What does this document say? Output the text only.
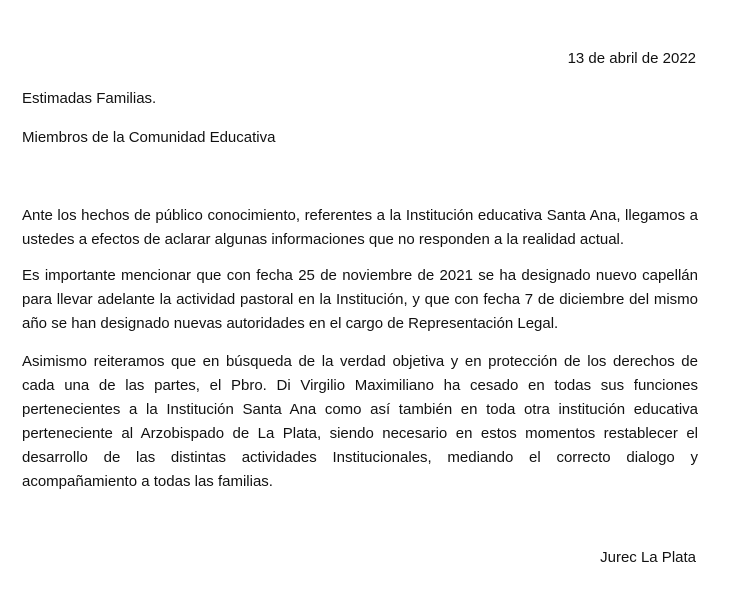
13 de abril de 2022
Estimadas Familias.
Miembros de la Comunidad Educativa

Ante los hechos de público conocimiento, referentes a la Institución educativa Santa Ana, llegamos a ustedes a efectos de aclarar algunas informaciones que no responden a la realidad actual.

Es importante mencionar que con fecha 25 de noviembre de 2021 se ha designado nuevo capellán para llevar adelante la actividad pastoral en la Institución, y que con fecha 7 de diciembre del mismo año se han designado nuevas autoridades en el cargo de Representación Legal.

Asimismo reiteramos que en búsqueda de la verdad objetiva y en protección de los derechos de cada una de las partes, el Pbro. Di Virgilio Maximiliano ha cesado en todas sus funciones pertenecientes a la Institución Santa Ana como así también en toda otra institución educativa perteneciente al Arzobispado de La Plata, siendo necesario en estos momentos restablecer el desarrollo de las distintas actividades Institucionales, mediando el correcto dialogo y acompañamiento a todas las familias.

Jurec La Plata
